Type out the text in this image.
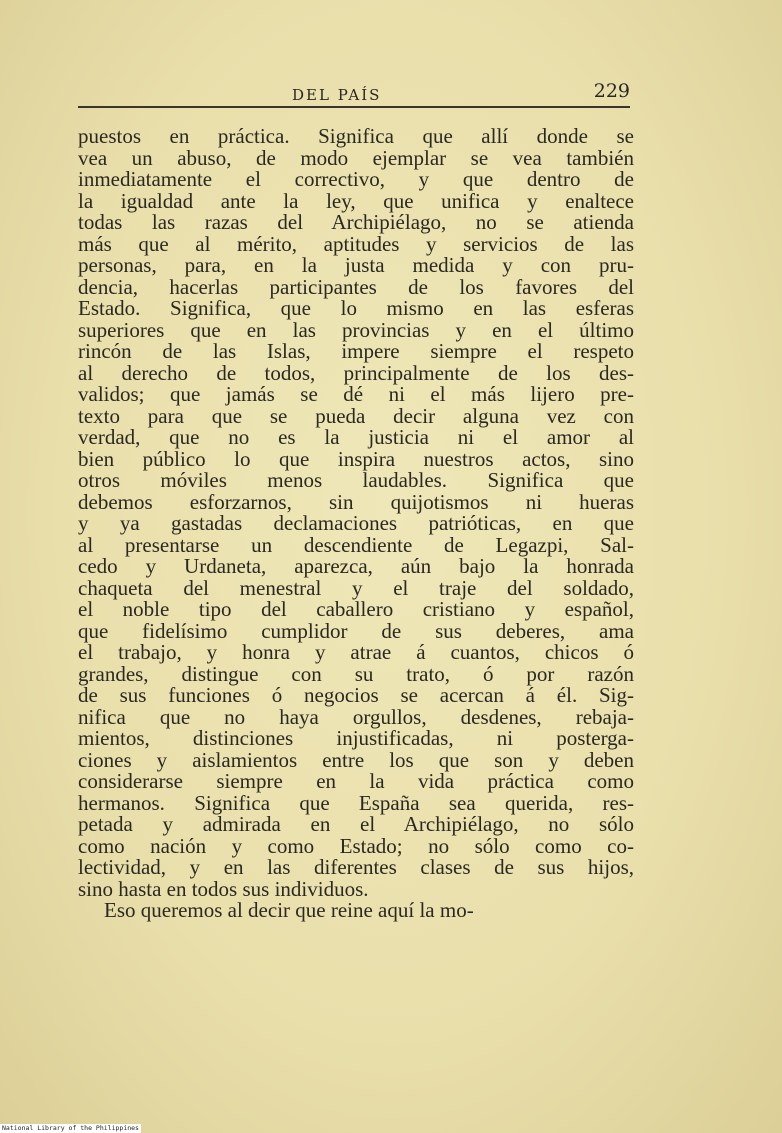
DEL PAÍS	229
puestos en práctica. Significa que allí donde se
vea un abuso, de modo ejemplar se vea también
inmediatamente el correctivo, y que dentro de
la igualdad ante la ley, que unifica y enaltece
todas las razas del Archipiélago, no se atienda
más que al mérito, aptitudes y servicios de las
personas, para, en la justa medida y con pru-
dencia, hacerlas participantes de los favores del
Estado. Significa, que lo mismo en las esferas
superiores que en las provincias y en el último
rincón de las Islas, impere siempre el respeto
al derecho de todos, principalmente de los des-
validos; que jamás se dé ni el más lijero pre-
texto para que se pueda decir alguna vez con
verdad, que no es la justicia ni el amor al
bien público lo que inspira nuestros actos, sino
otros móviles menos laudables. Significa que
debemos esforzarnos, sin quijotismos ni hueras
y ya gastadas declamaciones patrióticas, en que
al presentarse un descendiente de Legazpi, Sal-
cedo y Urdaneta, aparezca, aún bajo la honrada
chaqueta del menestral y el traje del soldado,
el noble tipo del caballero cristiano y español,
que fidelísimo cumplidor de sus deberes, ama
el trabajo, y honra y atrae á cuantos, chicos ó
grandes, distingue con su trato, ó por razón
de sus funciones ó negocios se acercan á él. Sig-
nifica que no haya orgullos, desdenes, rebaja-
mientos, distinciones injustificadas, ni posterga-
ciones y aislamientos entre los que son y deben
considerarse siempre en la vida práctica como
hermanos. Significa que España sea querida, res-
petada y admirada en el Archipiélago, no sólo
como nación y como Estado; no sólo como co-
lectividad, y en las diferentes clases de sus hijos,
sino hasta en todos sus individuos.
Eso queremos al decir que reine aquí la mo-
National Library of the Philippines
